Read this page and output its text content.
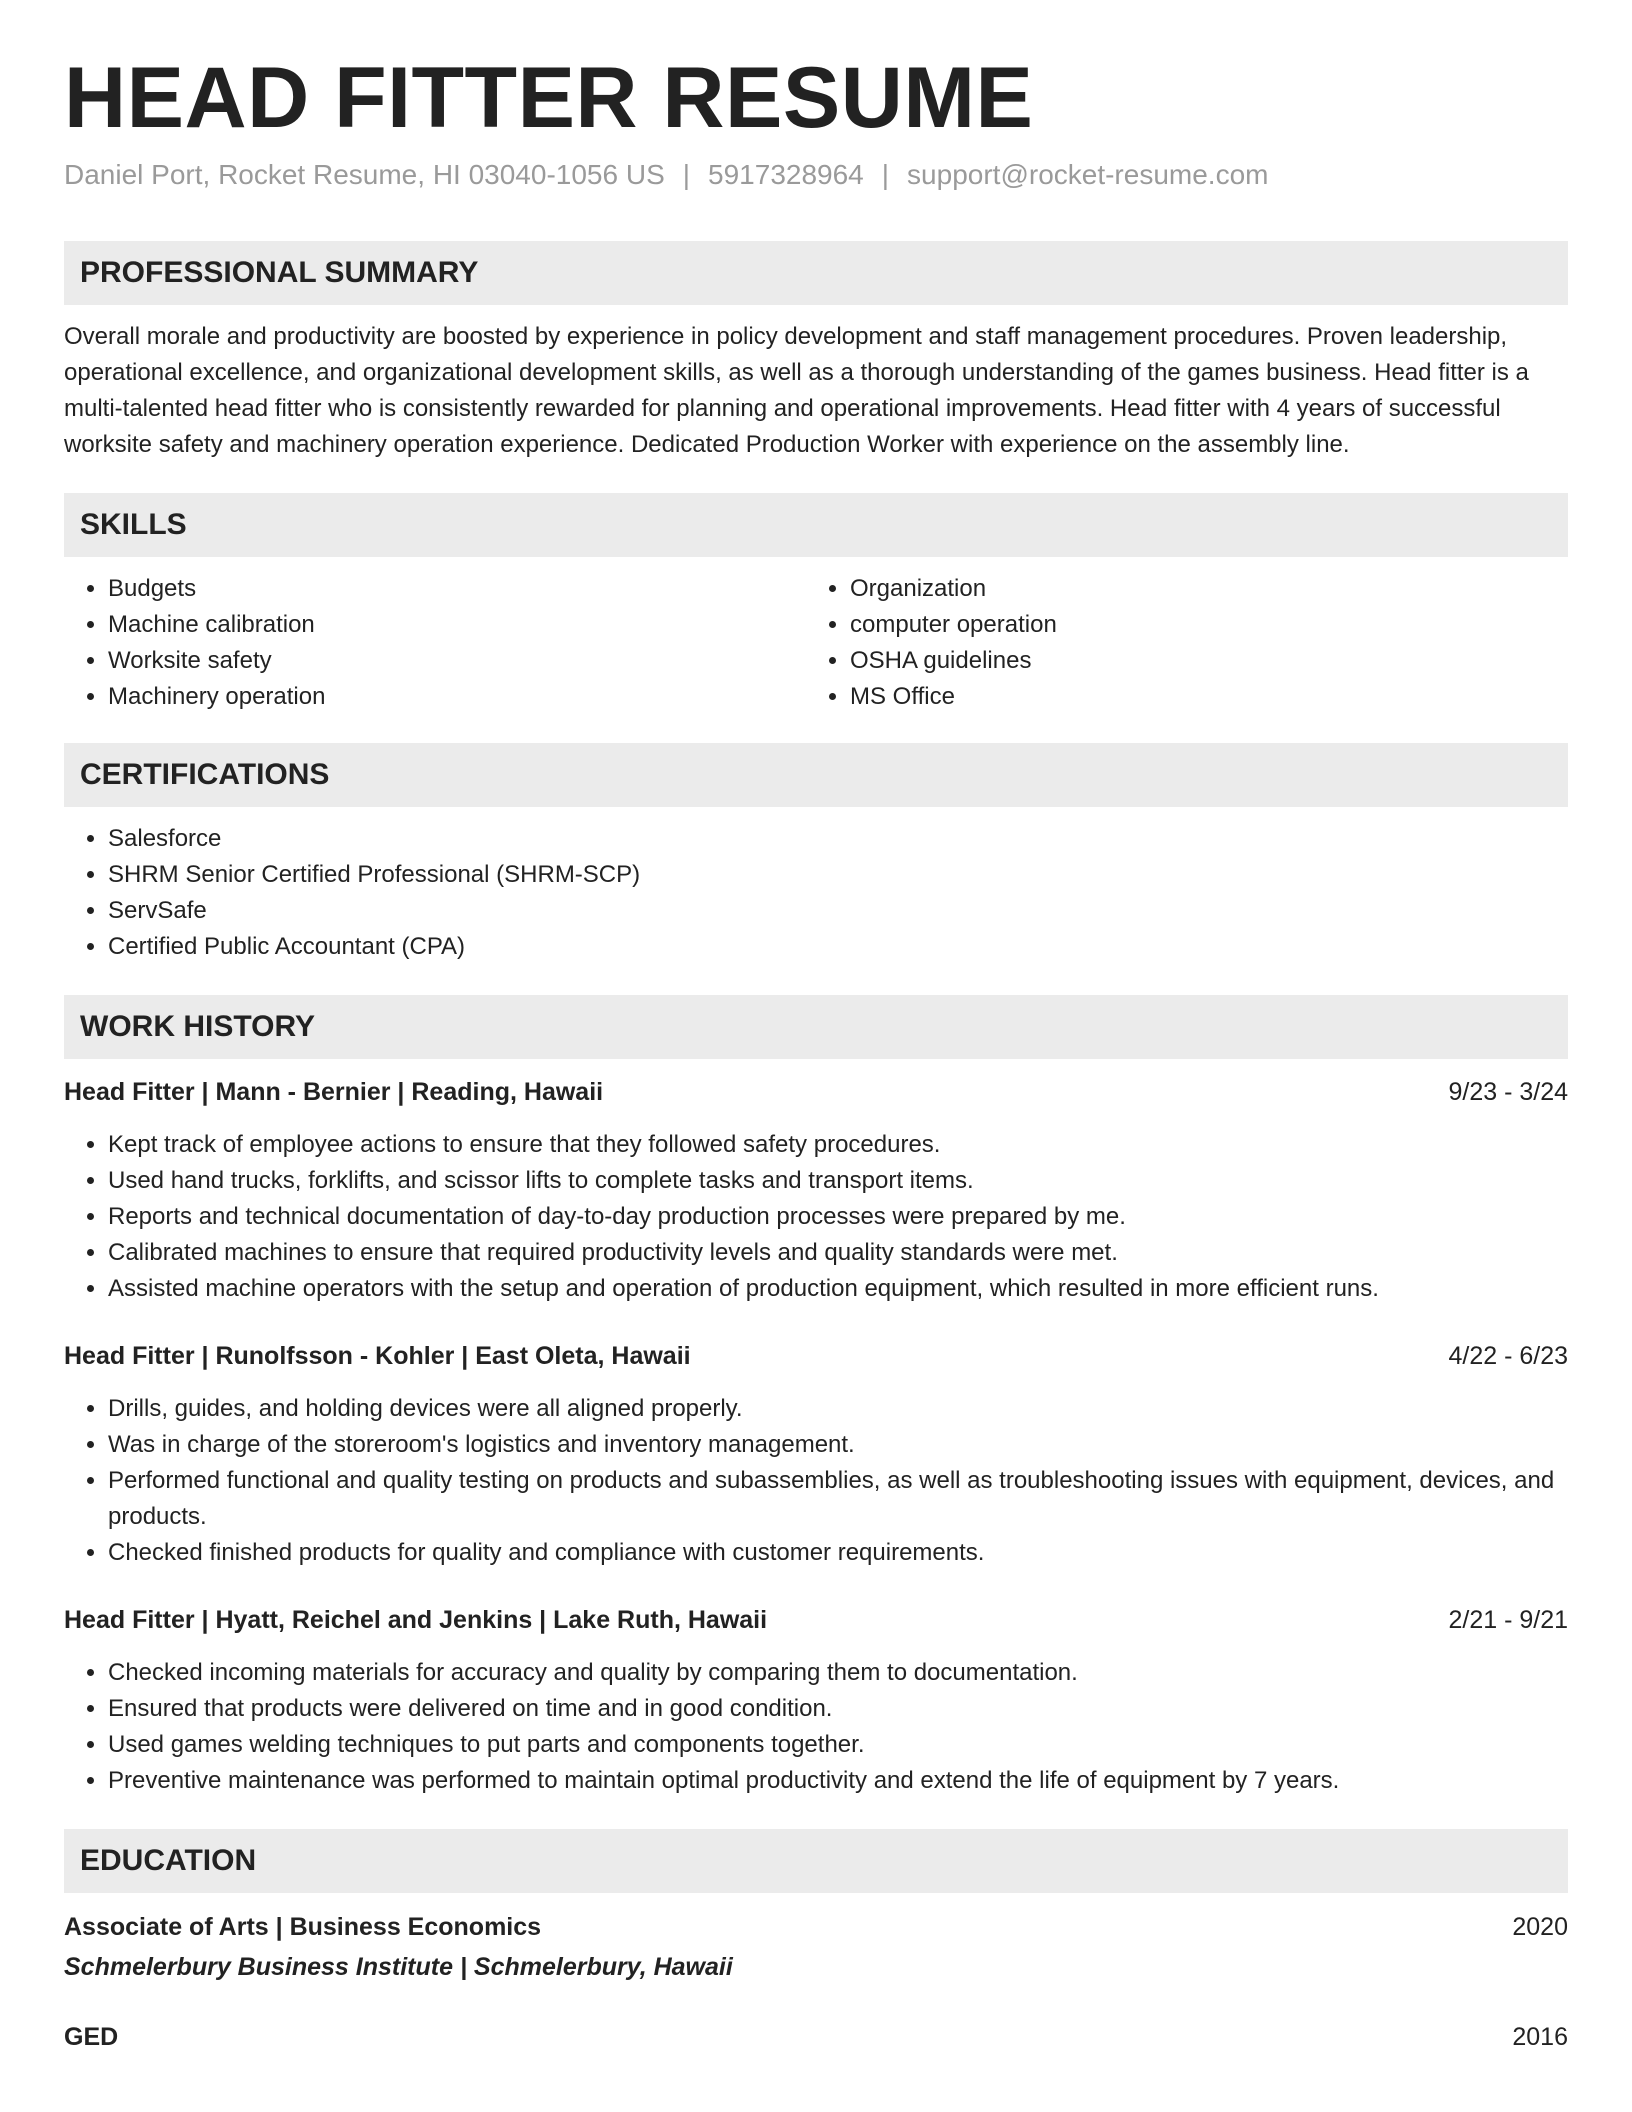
HEAD FITTER RESUME
Daniel Port, Rocket Resume, HI 03040-1056 US | 5917328964 | support@rocket-resume.com
PROFESSIONAL SUMMARY

Overall morale and productivity are boosted by experience in policy development and staff management procedures. Proven leadership, operational excellence, and organizational development skills, as well as a thorough understanding of the games business. Head fitter is a multi-talented head fitter who is consistently rewarded for planning and operational improvements. Head fitter with 4 years of successful worksite safety and machinery operation experience. Dedicated Production Worker with experience on the assembly line.

SKILLS
• Budgets
• Machine calibration
• Worksite safety
• Machinery operation
• Organization
• computer operation
• OSHA guidelines
• MS Office
CERTIFICATIONS
• Salesforce
• SHRM Senior Certified Professional (SHRM-SCP)
• ServSafe
• Certified Public Accountant (CPA)
WORK HISTORY
Head Fitter | Mann - Bernier | Reading, Hawaii	9/23 - 3/24
• Kept track of employee actions to ensure that they followed safety procedures.
• Used hand trucks, forklifts, and scissor lifts to complete tasks and transport items.
• Reports and technical documentation of day-to-day production processes were prepared by me.
• Calibrated machines to ensure that required productivity levels and quality standards were met.
• Assisted machine operators with the setup and operation of production equipment, which resulted in more efficient runs.
Head Fitter | Runolfsson - Kohler | East Oleta, Hawaii	4/22 - 6/23
• Drills, guides, and holding devices were all aligned properly.
• Was in charge of the storeroom's logistics and inventory management.
• Performed functional and quality testing on products and subassemblies, as well as troubleshooting issues with equipment, devices, and products.
• Checked finished products for quality and compliance with customer requirements.
Head Fitter | Hyatt, Reichel and Jenkins | Lake Ruth, Hawaii	2/21 - 9/21
• Checked incoming materials for accuracy and quality by comparing them to documentation.
• Ensured that products were delivered on time and in good condition.
• Used games welding techniques to put parts and components together.
• Preventive maintenance was performed to maintain optimal productivity and extend the life of equipment by 7 years.
EDUCATION
Associate of Arts | Business Economics	2020
Schmelerbury Business Institute | Schmelerbury, Hawaii
GED	2016
